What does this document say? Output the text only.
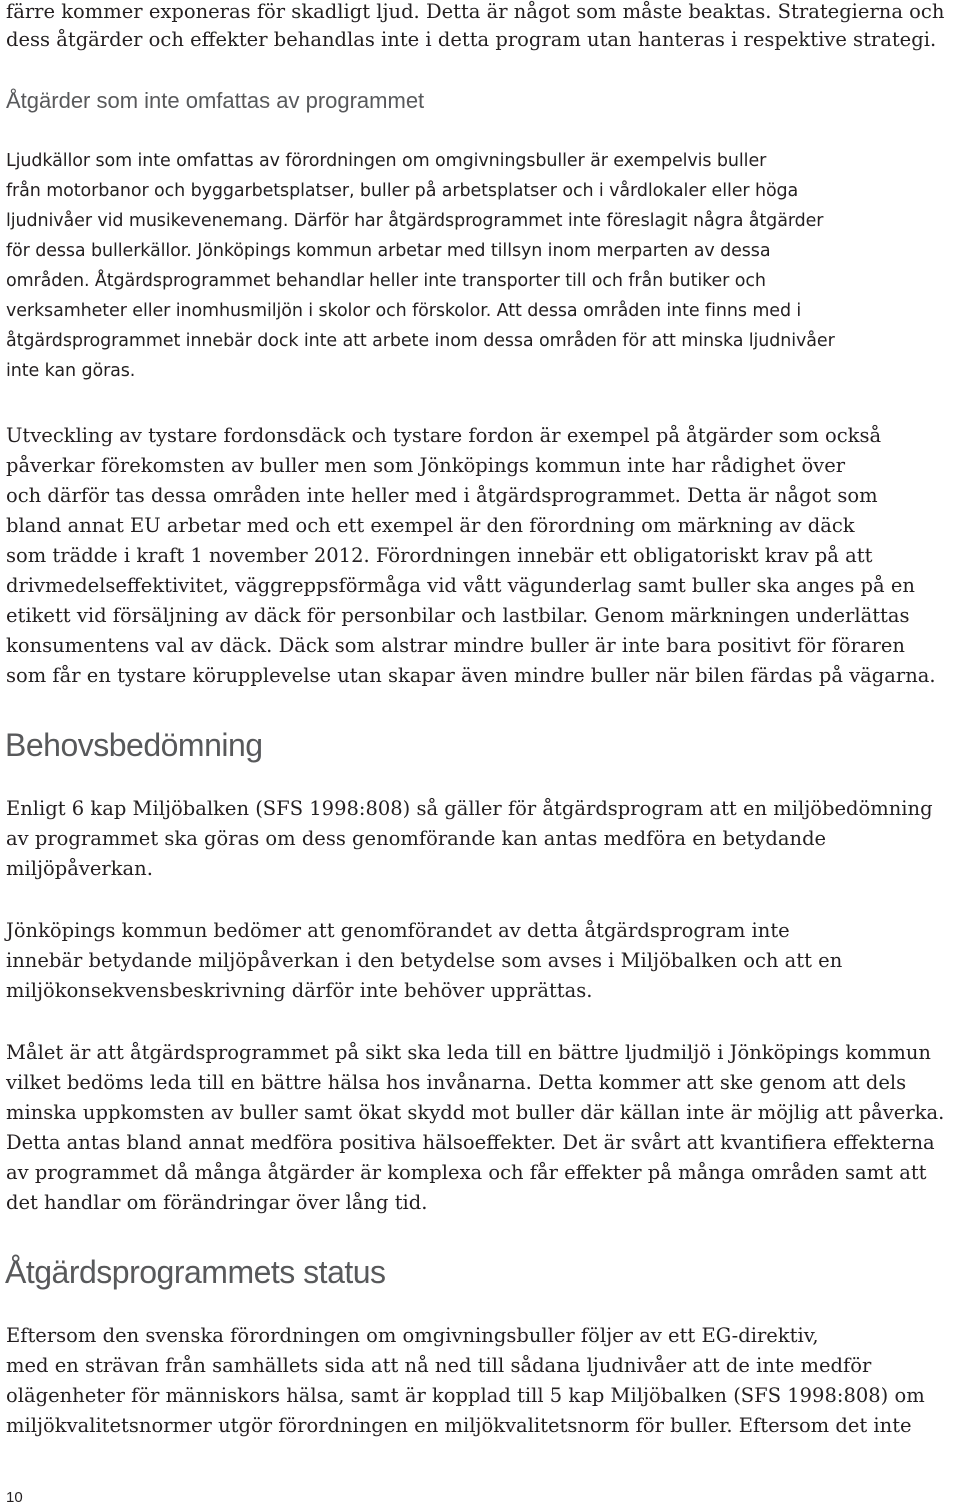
färre kommer exponeras för skadligt ljud. Detta är något som måste beaktas. Strategierna och
dess åtgärder och effekter behandlas inte i detta program utan hanteras i respektive strategi.
Åtgärder som inte omfattas av programmet
Ljudkällor som inte omfattas av förordningen om omgivningsbuller är exempelvis buller
från motorbanor och byggarbetsplatser, buller på arbetsplatser och i vårdlokaler eller höga
ljudnivåer vid musikevenemang. Därför har åtgärdsprogrammet inte föreslagit några åtgärder
för dessa bullerkällor. Jönköpings kommun arbetar med tillsyn inom merparten av dessa
områden. Åtgärdsprogrammet behandlar heller inte transporter till och från butiker och
verksamheter eller inomhusmiljön i skolor och förskolor. Att dessa områden inte finns med i
åtgärdsprogrammet innebär dock inte att arbete inom dessa områden för att minska ljudnivåer
inte kan göras.
Utveckling av tystare fordonsdäck och tystare fordon är exempel på åtgärder som också
påverkar förekomsten av buller men som Jönköpings kommun inte har rådighet över
och därför tas dessa områden inte heller med i åtgärdsprogrammet. Detta är något som
bland annat EU arbetar med och ett exempel är den förordning om märkning av däck
som trädde i kraft 1 november 2012. Förordningen innebär ett obligatoriskt krav på att
drivmedelseffektivitet, väggreppsförmåga vid vått vägunderlag samt buller ska anges på en
etikett vid försäljning av däck för personbilar och lastbilar. Genom märkningen underlättas
konsumentens val av däck. Däck som alstrar mindre buller är inte bara positivt för föraren
som får en tystare körupplevelse utan skapar även mindre buller när bilen färdas på vägarna.
Behovsbedömning
Enligt 6 kap Miljöbalken (SFS 1998:808) så gäller för åtgärdsprogram att en miljöbedömning
av programmet ska göras om dess genomförande kan antas medföra en betydande
miljöpåverkan.
Jönköpings kommun bedömer att genomförandet av detta åtgärdsprogram inte
innebär betydande miljöpåverkan i den betydelse som avses i Miljöbalken och att en
miljökonsekvensbeskrivning därför inte behöver upprättas.
Målet är att åtgärdsprogrammet på sikt ska leda till en bättre ljudmiljö i Jönköpings kommun
vilket bedöms leda till en bättre hälsa hos invånarna. Detta kommer att ske genom att dels
minska uppkomsten av buller samt ökat skydd mot buller där källan inte är möjlig att påverka.
Detta antas bland annat medföra positiva hälsoeffekter. Det är svårt att kvantifiera effekterna
av programmet då många åtgärder är komplexa och får effekter på många områden samt att
det handlar om förändringar över lång tid.
Åtgärdsprogrammets status
Eftersom den svenska förordningen om omgivningsbuller följer av ett EG-direktiv,
med en strävan från samhällets sida att nå ned till sådana ljudnivåer att de inte medför
olägenheter för människors hälsa, samt är kopplad till 5 kap Miljöbalken (SFS 1998:808) om
miljökvalitetsnormer utgör förordningen en miljökvalitetsnorm för buller. Eftersom det inte
10
